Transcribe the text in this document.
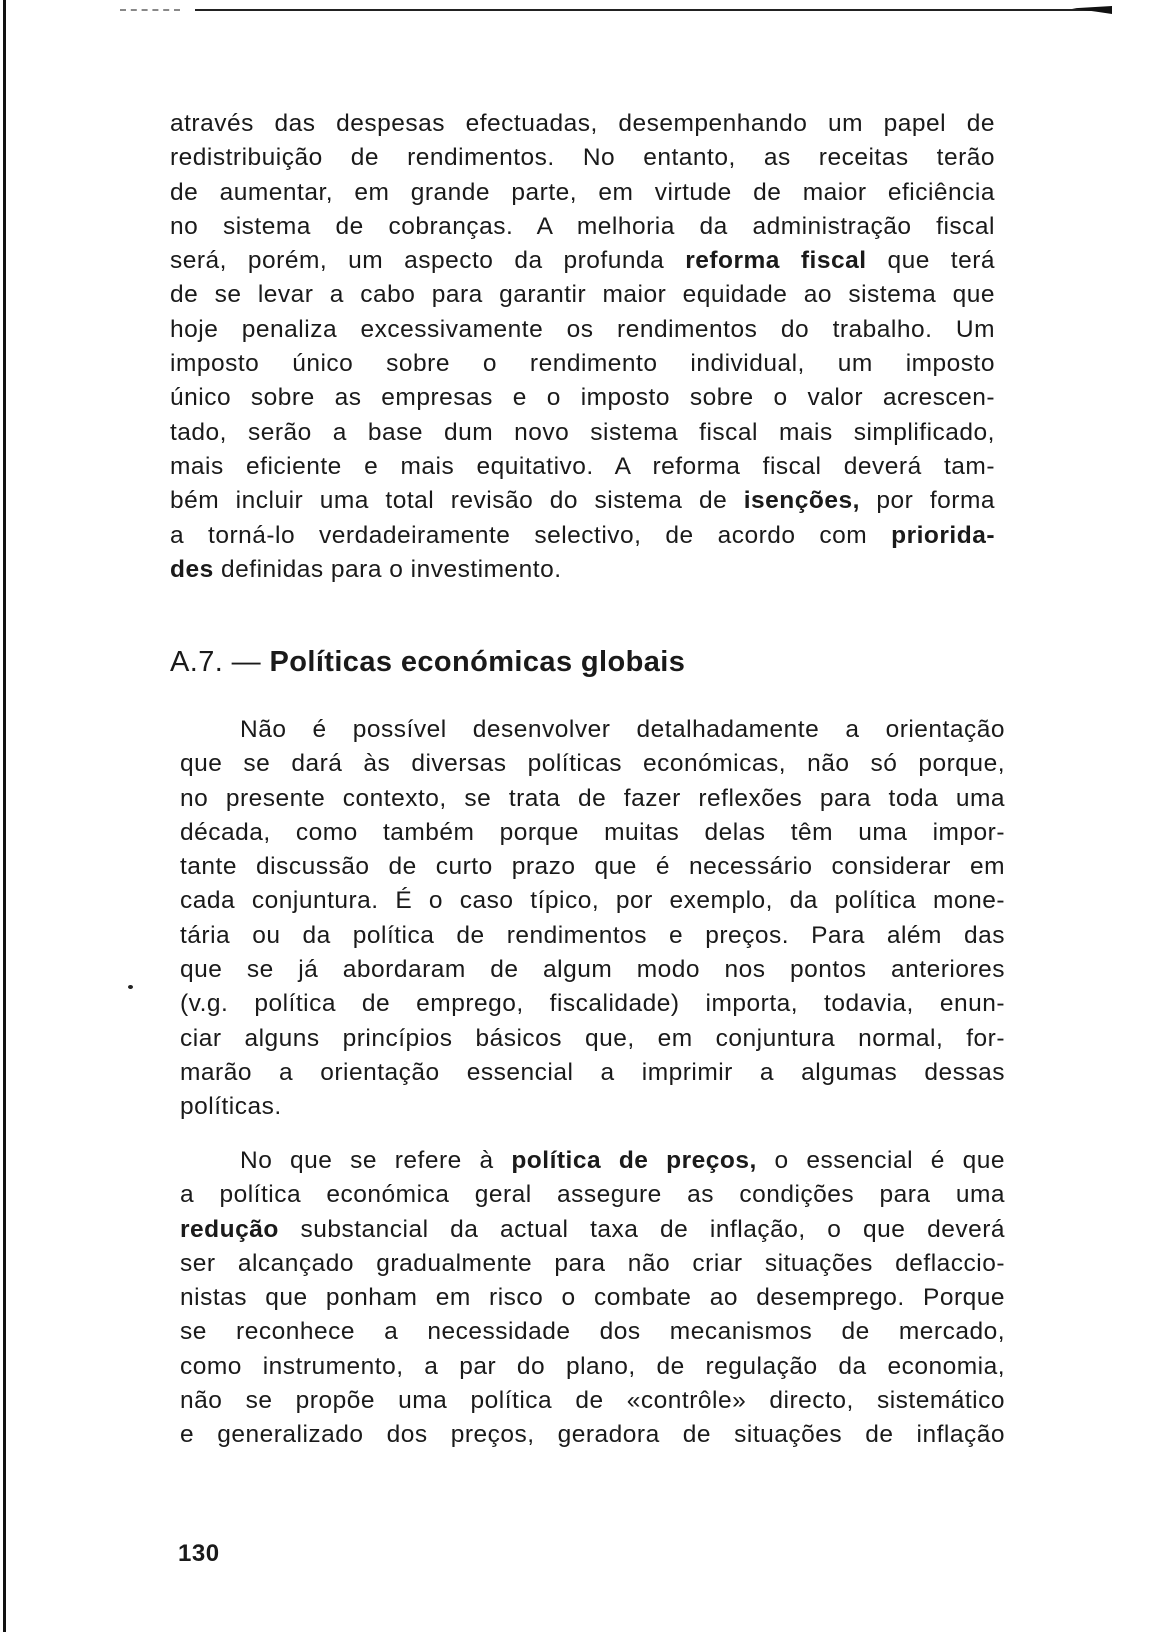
através das despesas efectuadas, desempenhando um papel de
redistribuição de rendimentos. No entanto, as receitas terão
de aumentar, em grande parte, em virtude de maior eficiência
no sistema de cobranças. A melhoria da administração fiscal
será, porém, um aspecto da profunda reforma fiscal que terá
de se levar a cabo para garantir maior equidade ao sistema que
hoje penaliza excessivamente os rendimentos do trabalho. Um
imposto único sobre o rendimento individual, um imposto
único sobre as empresas e o imposto sobre o valor acrescen-
tado, serão a base dum novo sistema fiscal mais simplificado,
mais eficiente e mais equitativo. A reforma fiscal deverá tam-
bém incluir uma total revisão do sistema de isenções, por forma
a torná-lo verdadeiramente selectivo, de acordo com priorida-
des definidas para o investimento.
A.7. — Políticas económicas globais
Não é possível desenvolver detalhadamente a orientação
que se dará às diversas políticas económicas, não só porque,
no presente contexto, se trata de fazer reflexões para toda uma
década, como também porque muitas delas têm uma impor-
tante discussão de curto prazo que é necessário considerar em
cada conjuntura. É o caso típico, por exemplo, da política mone-
tária ou da política de rendimentos e preços. Para além das
que se já abordaram de algum modo nos pontos anteriores
(v.g. política de emprego, fiscalidade) importa, todavia, enun-
ciar alguns princípios básicos que, em conjuntura normal, for-
marão a orientação essencial a imprimir a algumas dessas
políticas.
No que se refere à política de preços, o essencial é que
a política económica geral assegure as condições para uma
redução substancial da actual taxa de inflação, o que deverá
ser alcançado gradualmente para não criar situações deflaccio-
nistas que ponham em risco o combate ao desemprego. Porque
se reconhece a necessidade dos mecanismos de mercado,
como instrumento, a par do plano, de regulação da economia,
não se propõe uma política de «contrôle» directo, sistemático
e generalizado dos preços, geradora de situações de inflação
130
